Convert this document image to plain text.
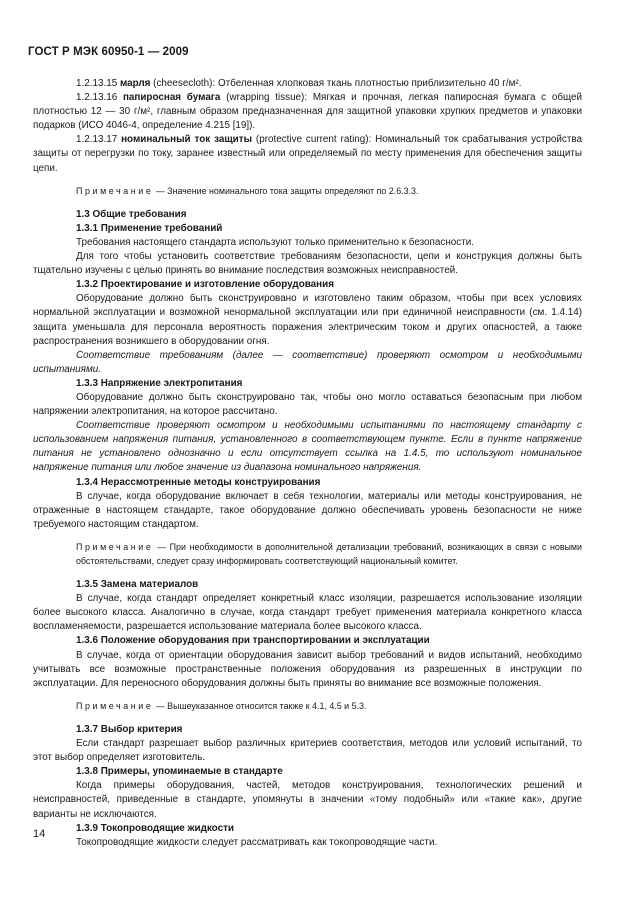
ГОСТ Р МЭК 60950-1 — 2009

1.2.13.15 марля (cheesecloth): Отбеленная хлопковая ткань плотностью приблизительно 40 г/м².

1.2.13.16 папиросная бумага (wrapping tissue): Мягкая и прочная, легкая папиросная бумага с общей плотностью 12 — 30 г/м², главным образом предназначенная для защитной упаковки хрупких предметов и упаковки подарков (ИСО 4046-4, определение 4.215 [19]).

1.2.13.17 номинальный ток защиты (protective current rating): Номинальный ток срабатывания устройства защиты от перегрузки по току, заранее известный или определяемый по месту применения для обеспечения защиты цепи.

Примечание — Значение номинального тока защиты определяют по 2.6.3.3.

1.3 Общие требования

1.3.1 Применение требований

Требования настоящего стандарта используют только применительно к безопасности.

Для того чтобы установить соответствие требованиям безопасности, цепи и конструкция должны быть тщательно изучены с целью принять во внимание последствия возможных неисправностей.

1.3.2 Проектирование и изготовление оборудования

Оборудование должно быть сконструировано и изготовлено таким образом, чтобы при всех условиях нормальной эксплуатации и возможной ненормальной эксплуатации или при единичной неисправности (см. 1.4.14) защита уменьшала для персонала вероятность поражения электрическим током и других опасностей, а также распространения возникшего в оборудовании огня.

Соответствие требованиям (далее — соответствие) проверяют осмотром и необходимыми испытаниями.

1.3.3 Напряжение электропитания

Оборудование должно быть сконструировано так, чтобы оно могло оставаться безопасным при любом напряжении электропитания, на которое рассчитано.

Соответствие проверяют осмотром и необходимыми испытаниями по настоящему стандарту с использованием напряжения питания, установленного в соответствующем пункте. Если в пункте напряжение питания не установлено однозначно и если отсутствует ссылка на 1.4.5, то используют номинальное напряжение питания или любое значение из диапазона номинального напряжения.

1.3.4 Нерассмотренные методы конструирования

В случае, когда оборудование включает в себя технологии, материалы или методы конструирования, не отраженные в настоящем стандарте, такое оборудование должно обеспечивать уровень безопасности не ниже требуемого настоящим стандартом.

Примечание — При необходимости в дополнительной детализации требований, возникающих в связи с новыми обстоятельствами, следует сразу информировать соответствующий национальный комитет.

1.3.5 Замена материалов

В случае, когда стандарт определяет конкретный класс изоляции, разрешается использование изоляции более высокого класса. Аналогично в случае, когда стандарт требует применения материала конкретного класса воспламеняемости, разрешается использование материала более высокого класса.

1.3.6 Положение оборудования при транспортировании и эксплуатации

В случае, когда от ориентации оборудования зависит выбор требований и видов испытаний, необходимо учитывать все возможные пространственные положения оборудования из разрешенных в инструкции по эксплуатации. Для переносного оборудования должны быть приняты во внимание все возможные положения.

Примечание — Вышеуказанное относится также к 4.1, 4.5 и 5.3.

1.3.7 Выбор критерия

Если стандарт разрешает выбор различных критериев соответствия, методов или условий испытаний, то этот выбор определяет изготовитель.

1.3.8 Примеры, упоминаемые в стандарте

Когда примеры оборудования, частей, методов конструирования, технологических решений и неисправностей, приведенные в стандарте, упомянуты в значении «тому подобный» или «такие как», другие варианты не исключаются.

1.3.9 Токопроводящие жидкости

Токопроводящие жидкости следует рассматривать как токопроводящие части.

14
